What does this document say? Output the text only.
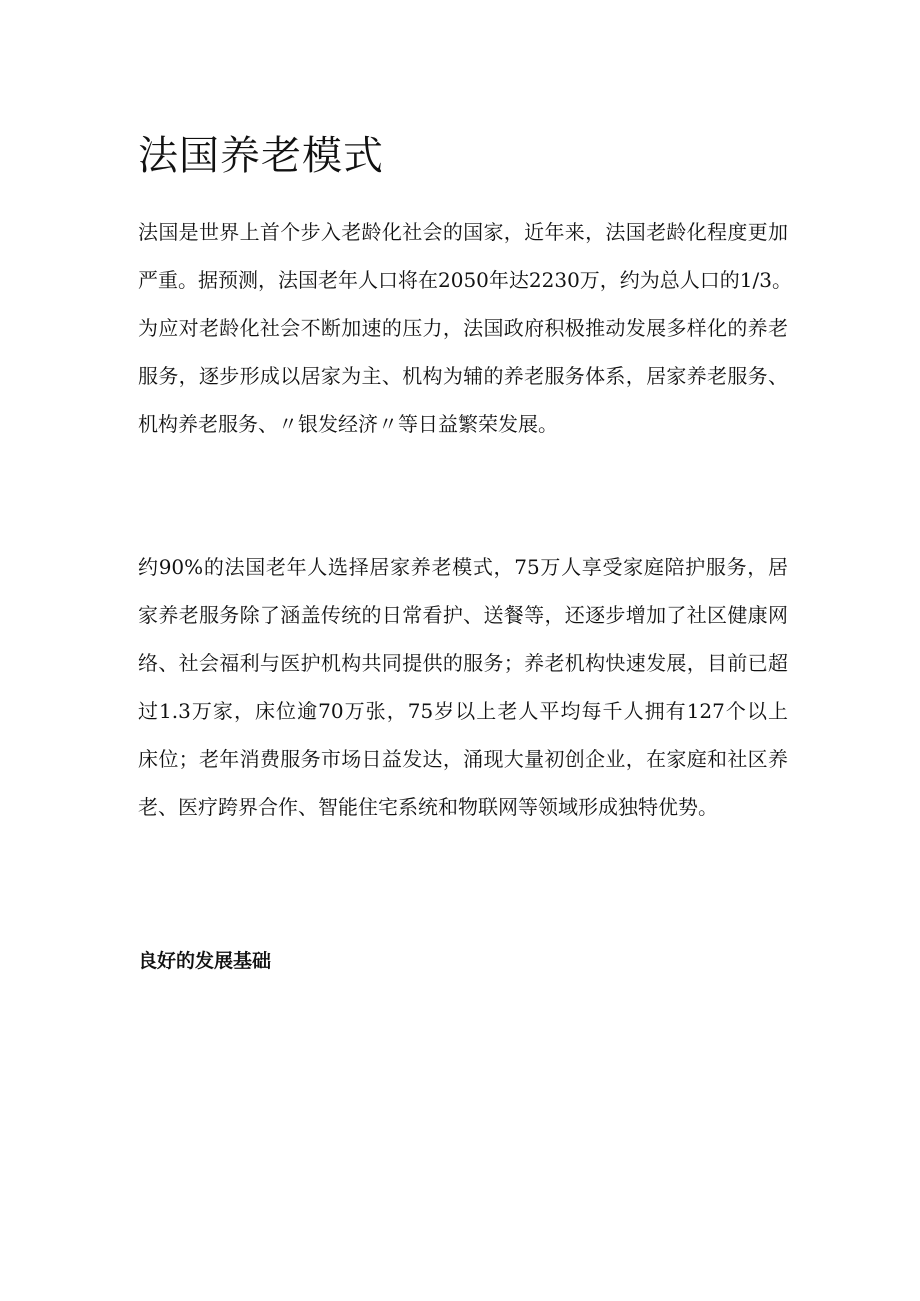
法国养老模式
法国是世界上首个步入老龄化社会的国家，近年来，法国老龄化程度更加
严重。据预测，法国老年人口将在2050年达2230万，约为总人口的1/3。
为应对老龄化社会不断加速的压力，法国政府积极推动发展多样化的养老
服务，逐步形成以居家为主、机构为辅的养老服务体系，居家养老服务、
机构养老服务、〃银发经济〃等日益繁荣发展。
约90%的法国老年人选择居家养老模式，75万人享受家庭陪护服务，居
家养老服务除了涵盖传统的日常看护、送餐等，还逐步增加了社区健康网
络、社会福利与医护机构共同提供的服务；养老机构快速发展，目前已超
过1.3万家，床位逾70万张，75岁以上老人平均每千人拥有127个以上
床位；老年消费服务市场日益发达，涌现大量初创企业，在家庭和社区养
老、医疗跨界合作、智能住宅系统和物联网等领域形成独特优势。
良好的发展基础
